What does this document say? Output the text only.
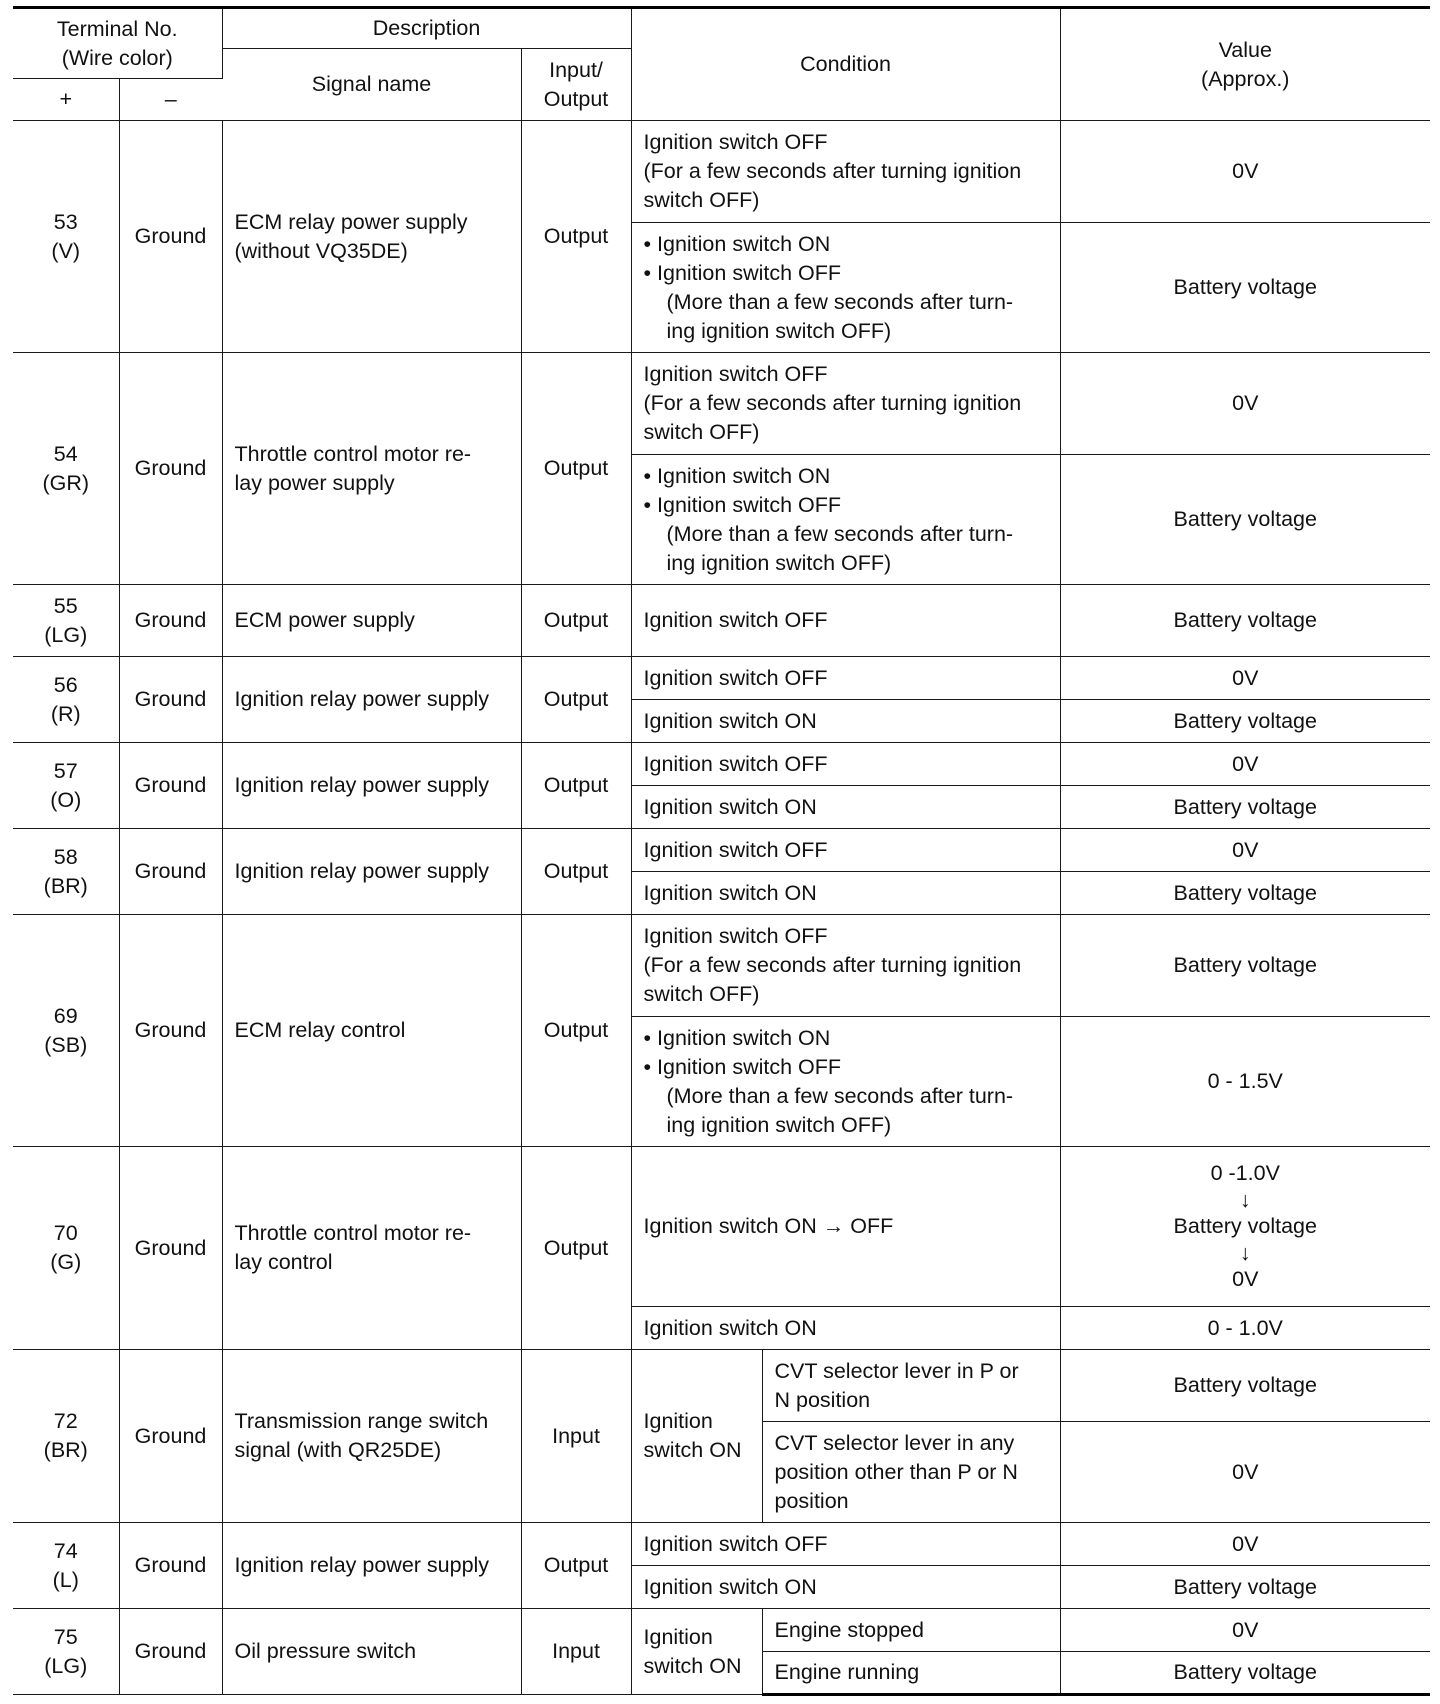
Terminal No.
(Wire color)		Description		Condition		Value
(Approx.)
		Signal name	Input/
Output			
+	–					
53
(V)	Ground	ECM relay power supply
(without VQ35DE)	Output	Ignition switch OFF
(For a few seconds after turning ignition
switch OFF)		0V

				• Ignition switch ON
• Ignition switch OFF
(More than a few seconds after turn-
ing ignition switch OFF)		Battery voltage
54
(GR)	Ground	Throttle control motor re-
lay power supply	Output	Ignition switch OFF
(For a few seconds after turning ignition
switch OFF)		0V

				• Ignition switch ON
• Ignition switch OFF
(More than a few seconds after turn-
ing ignition switch OFF)		Battery voltage
55
(LG)	Ground	ECM power supply	Output	Ignition switch OFF		Battery voltage
56
(R)	Ground	Ignition relay power supply	Output	Ignition switch OFF		0V
				Ignition switch ON		Battery voltage
57
(O)	Ground	Ignition relay power supply	Output	Ignition switch OFF		0V
				Ignition switch ON		Battery voltage
58
(BR)	Ground	Ignition relay power supply	Output	Ignition switch OFF		0V
				Ignition switch ON		Battery voltage
69
(SB)	Ground	ECM relay control	Output	Ignition switch OFF
(For a few seconds after turning ignition
switch OFF)		Battery voltage

				• Ignition switch ON
• Ignition switch OFF
(More than a few seconds after turn-
ing ignition switch OFF)		0 - 1.5V
70
(G)	Ground	Throttle control motor re-
lay control	Output	Ignition switch ON → OFF		0 -1.0V
↓
Battery voltage
↓
0V
				Ignition switch ON		0 - 1.0V
72
(BR)	Ground	Transmission range switch
signal (with QR25DE)	Input	Ignition
switch ON	CVT selector lever in P or
N position	Battery voltage
					CVT selector lever in any
position other than P or N
position	0V
74
(L)	Ground	Ignition relay power supply	Output	Ignition switch OFF		0V
				Ignition switch ON		Battery voltage
75
(LG)	Ground	Oil pressure switch	Input	Ignition
switch ON	Engine stopped	0V
					Engine running	Battery voltage
